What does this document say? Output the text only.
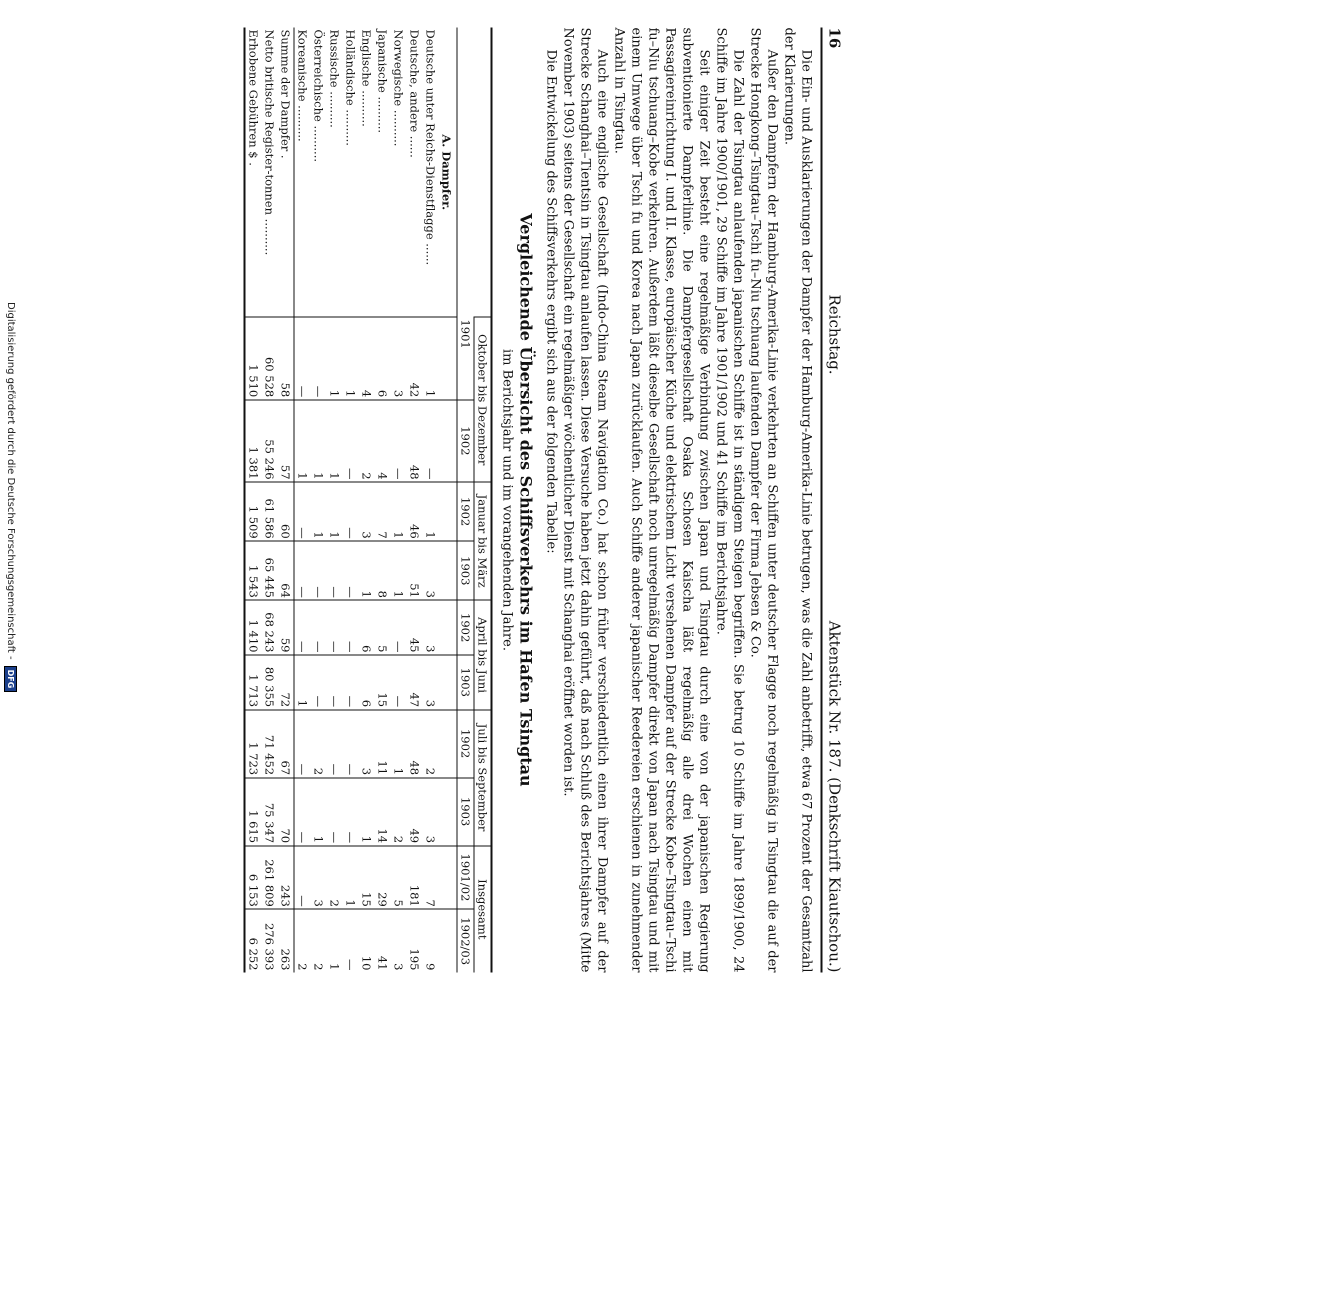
Digitalisierung gefördert durch die Deutsche Forschungsgemeinschaft -
DFG
16
Reichstag.
Aktenstück Nr. 187. (Denkschrift Kiautschou.)

Die Ein- und Ausklarierungen der Dampfer der Hamburg-Amerika-Linie betrugen, was die Zahl anbetrifft, etwa 67 Prozent der Gesamtzahl der Klarierungen.

Außer den Dampfern der Hamburg-Amerika-Linie verkehrten an Schiffen unter deutscher Flagge noch regelmäßig in Tsingtau die auf der Strecke Hongkong–Tsingtau–Tschi fu–Niu tschuang laufenden Dampfer der Firma Jebsen & Co.

Die Zahl der Tsingtau anlaufenden japanischen Schiffe ist in ständigem Steigen begriffen. Sie betrug 10 Schiffe im Jahre 1899/1900, 24 Schiffe im Jahre 1900/1901, 29 Schiffe im Jahre 1901/1902 und 41 Schiffe im Berichtsjahre.

Seit einiger Zeit besteht eine regelmäßige Verbindung zwischen Japan und Tsingtau durch eine von der japanischen Regierung subventionierte Dampferlinie. Die Dampfergesellschaft Osaka Schosen Kaischa läßt regelmäßig alle drei Wochen einen mit Passagiereinrichtung I. und II. Klasse, europäischer Küche und elektrischem Licht versehenen Dampfer auf der Strecke Kobe–Tsingtau–Tschi fu–Niu tschuang–Kobe verkehren. Außerdem läßt dieselbe Gesellschaft noch unregelmäßig Dampfer direkt von Japan nach Tsingtau und mit einem Umwege über Tschi fu und Korea nach Japan zurücklaufen. Auch Schiffe anderer japanischer Reedereien erschienen in zunehmender Anzahl in Tsingtau.

Auch eine englische Gesellschaft (Indo-China Steam Navigation Co.) hat schon früher verschiedentlich einen ihrer Dampfer auf der Strecke Schanghai–Tientsin in Tsingtau anlaufen lassen. Diese Versuche haben jetzt dahin geführt, daß nach Schluß des Berichtsjahres (Mitte November 1903) seitens der Gesellschaft ein regelmäßiger wöchentlicher Dienst mit Schanghai eröffnet worden ist.

Die Entwickelung des Schiffsverkehrs ergibt sich aus der folgenden Tabelle:

Vergleichende Übersicht des Schiffsverkehrs im Hafen Tsingtau
im Berichtsjahr und im vorangehenden Jahre.
	Oktober bis Dezember		Januar bis März		April bis Juni		Juli bis September		Insgesamt	
	1901	1902	1902	1903	1902	1903	1902	1903	1901/02	1902/03
A. Dampfer.										
Deutsche unter Reichs-Dienstflagge ......	1	—	1	3	3	3	2	3	7	9
Deutsche, andere ......	42	48	46	51	45	47	48	49	181	195
Norwegische ..........	3	—	1	1	—	—	1	2	5	3
Japanische ..........	6	4	7	8	5	15	11	14	29	41
Englische ..........	4	2	3	1	6	6	3	1	15	10
Holländische ..........	1	—	—	—	—	—	—	—	1	—
Russische ..........	1	1	1	—	—	—	—	—	2	1
Österreichische ..........	—	1	1	—	—	—	2	1	3	2
Koreanische ..........	—	1	—	—	—	1	—	—	—	2
Summe der Dampfer .	58	57	60	64	59	72	67	70	243	263
Netto britische Register-tonnen ..........	60 528	55 246	61 586	65 445	68 243	80 355	71 452	75 347	261 809	276 393
Erhobene Gebühren $ .	1 510	1 381	1 509	1 543	1 410	1 713	1 723	1 615	6 153	6 252
